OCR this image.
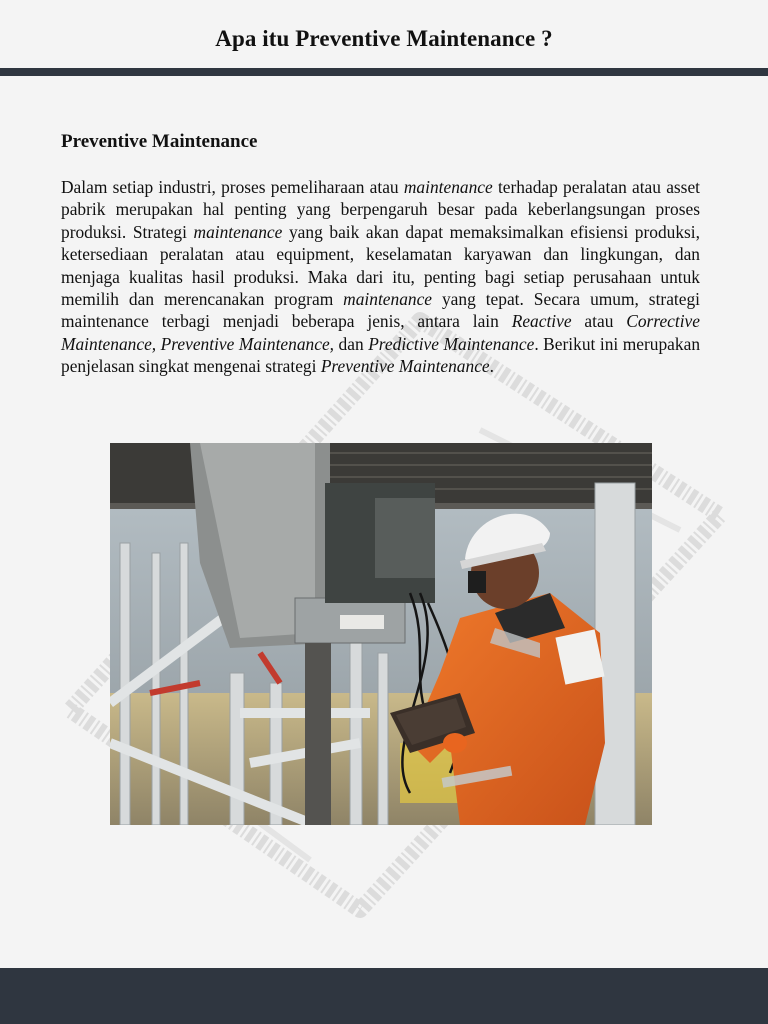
Apa itu Preventive Maintenance ?
Preventive Maintenance
Dalam setiap industri, proses pemeliharaan atau maintenance terhadap peralatan atau asset pabrik merupakan hal penting yang berpengaruh besar pada keberlangsungan proses produksi. Strategi maintenance yang baik akan dapat memaksimalkan efisiensi produksi, ketersediaan peralatan atau equipment, keselamatan karyawan dan lingkungan, dan menjaga kualitas hasil produksi. Maka dari itu, penting bagi setiap perusahaan untuk memilih dan merencanakan program maintenance yang tepat. Secara umum, strategi maintenance terbagi menjadi beberapa jenis, antara lain Reactive atau Corrective Maintenance, Preventive Maintenance, dan Predictive Maintenance. Berikut ini merupakan penjelasan singkat mengenai strategi Preventive Maintenance.
